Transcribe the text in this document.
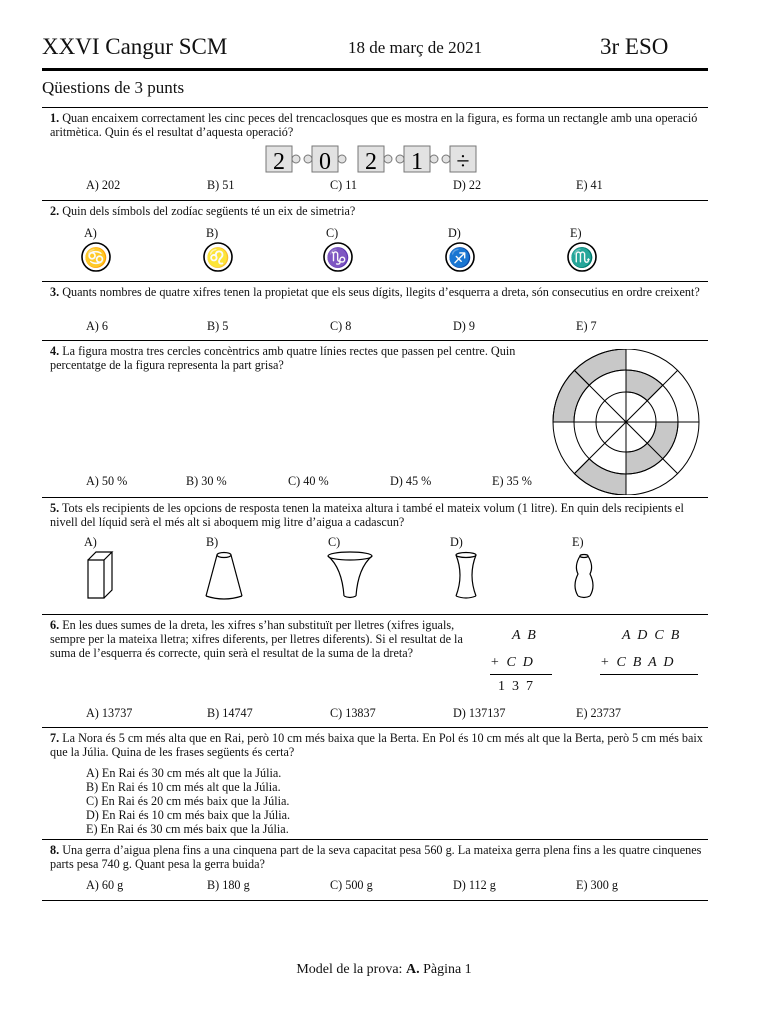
XXVI Cangur SCM	18 de març de 2021	3r ESO
Qüestions de 3 punts
1. Quan encaixem correctament les cinc peces del trencaclosques que es mostra en la figura, es forma un rectangle amb una operació aritmètica. Quin és el resultat d’aquesta operació?
2 0 2 1 ÷
A) 202	B) 51	C) 11	D) 22	E) 41
2. Quin dels símbols del zodíac següents té un eix de simetria?
A)
♋
B)
♌
C)
♑
D)
♐
E)
♏
3. Quants nombres de quatre xifres tenen la propietat que els seus dígits, llegits d’esquerra a dreta, són consecutius en ordre creixent?
A) 6	B) 5	C) 8	D) 9	E) 7
4. La figura mostra tres cercles concèntrics amb quatre línies rectes que passen pel centre. Quin percentatge de la figura representa la part grisa?
A) 50 %	B) 30 %	C) 40 %	D) 45 %	E) 35 %
5. Tots els recipients de les opcions de resposta tenen la mateixa altura i també el mateix volum (1 litre). En quin dels recipients el nivell del líquid serà el més alt si aboquem mig litre d’aigua a cadascun?
A)	B)	C)	D)	E)
6. En les dues sumes de la dreta, les xifres s’han substituït per lletres (xifres iguals, sempre per la mateixa lletra; xifres diferents, per lletres diferents). Si el resultat de la suma de l’esquerra és correcte, quin serà el resultat de la suma de la dreta?
A  B
+  C  D
1  3  7
A  D  C  B
+  C  B  A  D
A) 13737	B) 14747	C) 13837	D) 137137	E) 23737
7. La Nora és 5 cm més alta que en Rai, però 10 cm més baixa que la Berta. En Pol és 10 cm més alt que la Berta, però 5 cm més baix que la Júlia. Quina de les frases següents és certa?
A) En Rai és 30 cm més alt que la Júlia.
B) En Rai és 10 cm més alt que la Júlia.
C) En Rai és 20 cm més baix que la Júlia.
D) En Rai és 10 cm més baix que la Júlia.
E) En Rai és 30 cm més baix que la Júlia.
8. Una gerra d’aigua plena fins a una cinquena part de la seva capacitat pesa 560 g. La mateixa gerra plena fins a les quatre cinquenes parts pesa 740 g. Quant pesa la gerra buida?
A) 60 g	B) 180 g	C) 500 g	D) 112 g	E) 300 g
Model de la prova: A. Pàgina 1
